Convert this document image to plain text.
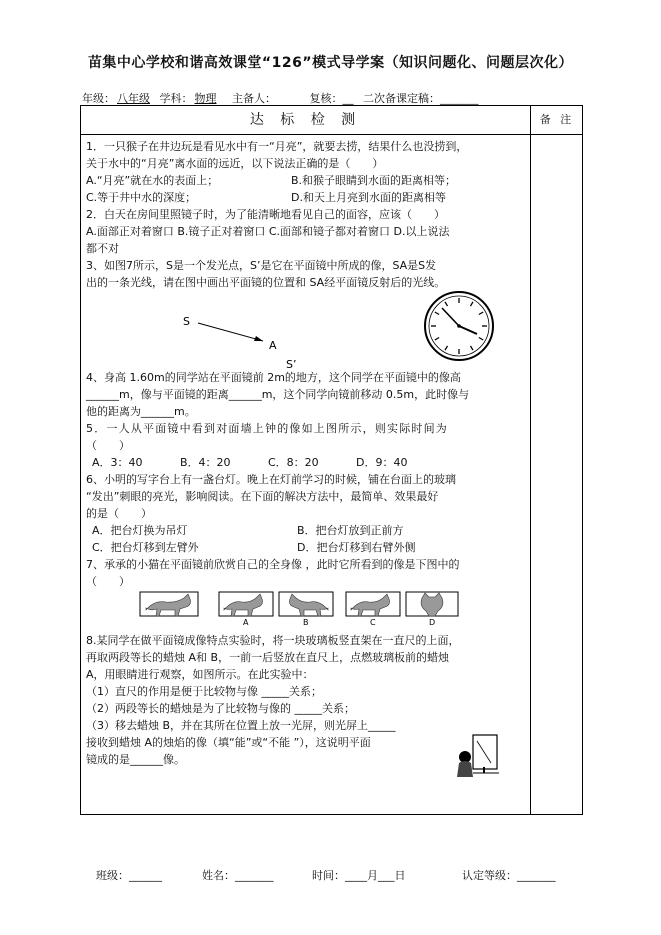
苗集中心学校和谐高效课堂“126”模式导学案（知识问题化、问题层次化）
年级： 八年级 学科： 物理 主备人：	复核：__ 二次备课定稿：_______
达 标 检 测	备 注
1．一只猴子在井边玩是看见水中有一“月亮”，就要去捞，结果什么也没捞到，
关于水中的“月亮”离水面的远近，以下说法正确的是（　　）
A.“月亮”就在水的表面上；	B.和猴子眼睛到水面的距离相等；
C.等于井中水的深度；	D.和天上月亮到水面的距离相等
2．白天在房间里照镜子时，为了能清晰地看见自己的面容，应该（　　）
A.面部正对着窗口 B.镜子正对着窗口 C.面部和镜子都对着窗口 D.以上说法
都不对
3、如图7所示，S是一个发光点，S’是它在平面镜中所成的像，SA是S发
出的一条光线，请在图中画出平面镜的位置和 SA经平面镜反射后的光线。
S
A
S’
4、身高 1.60m的同学站在平面镜前 2m的地方，这个同学在平面镜中的像高
______m，像与平面镜的距离______m，这个同学向镜前移动 0.5m，此时像与
他的距离为______m。
5．一人从平面镜中看到对面墙上钟的像如上图所示，则实际时间为
（　　）
A．3：40	B．4：20	C．8：20	D．9：40
6、小明的写字台上有一盏台灯。晚上在灯前学习的时候，铺在台面上的玻璃
“发出”刺眼的亮光，影响阅读。在下面的解决方法中，最简单、效果最好
的是（　　）
A．把台灯换为吊灯	B．把台灯放到正前方
C．把台灯移到左臂外	D．把台灯移到右臂外侧
7、承承的小猫在平面镜前欣赏自己的全身像 ，此时它所看到的像是下图中的
（　　）
A	B	C	D
8.某同学在做平面镜成像特点实验时，将一块玻璃板竖直架在一直尺的上面，
再取两段等长的蜡烛 A和 B，一前一后竖放在直尺上，点燃玻璃板前的蜡烛
A，用眼睛进行观察，如图所示。在此实验中：
（1）直尺的作用是便于比较物与像 _____关系；
（2）两段等长的蜡烛是为了比较物与像的 _____关系；
（3）移去蜡烛 B，并在其所在位置上放一光屏，则光屏上_____
接收到蜡烛 A的烛焰的像（填“能”或“不能 ”），这说明平面
镜成的是______像。
班级：______	姓名：_______	时间：____月___日	认定等级：_______
